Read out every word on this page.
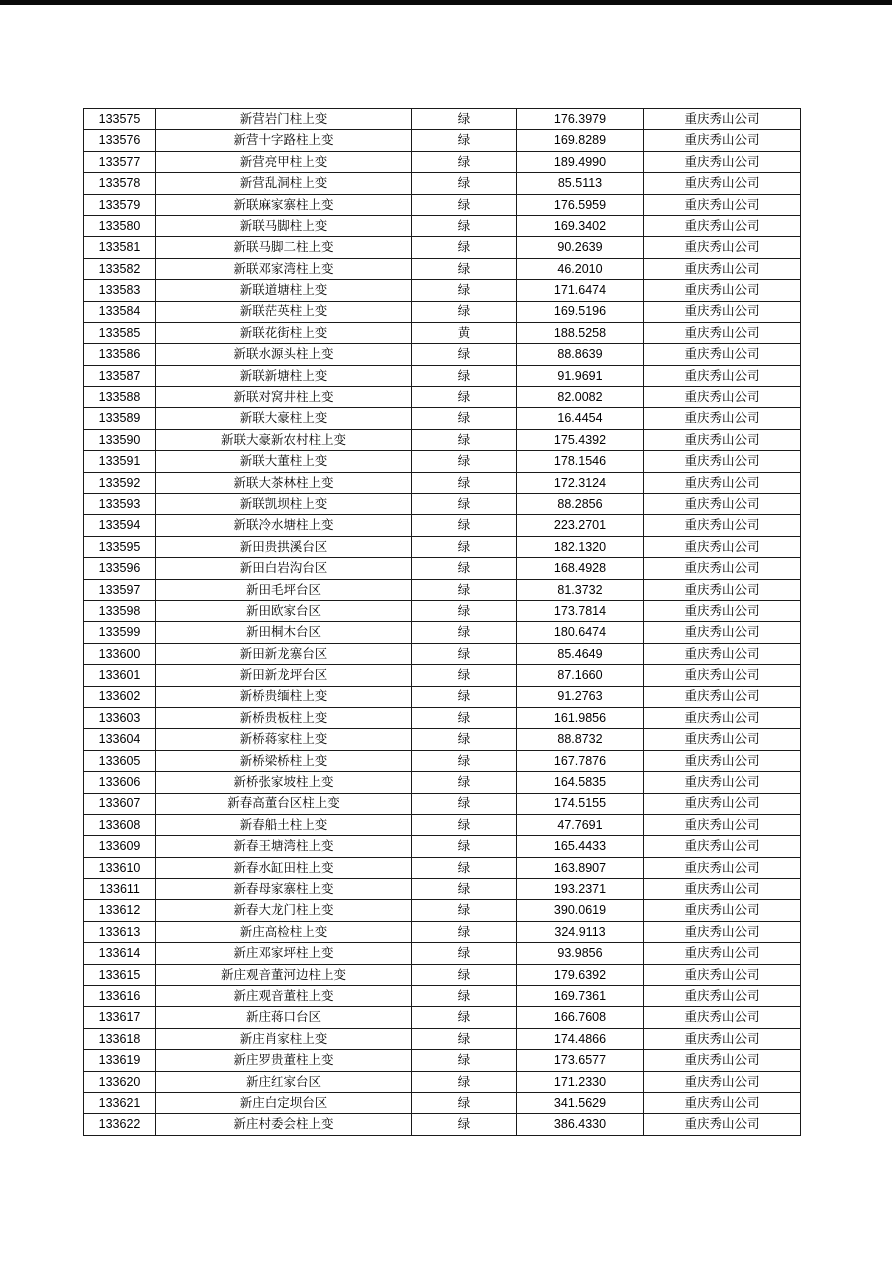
133575	新营岩门柱上变	绿	176.3979	重庆秀山公司
133576	新营十字路柱上变	绿	169.8289	重庆秀山公司
133577	新营亮甲柱上变	绿	189.4990	重庆秀山公司
133578	新营乱洞柱上变	绿	85.5113	重庆秀山公司
133579	新联麻家寨柱上变	绿	176.5959	重庆秀山公司
133580	新联马脚柱上变	绿	169.3402	重庆秀山公司
133581	新联马脚二柱上变	绿	90.2639	重庆秀山公司
133582	新联邓家湾柱上变	绿	46.2010	重庆秀山公司
133583	新联道塘柱上变	绿	171.6474	重庆秀山公司
133584	新联茫英柱上变	绿	169.5196	重庆秀山公司
133585	新联花街柱上变	黄	188.5258	重庆秀山公司
133586	新联水源头柱上变	绿	88.8639	重庆秀山公司
133587	新联新塘柱上变	绿	91.9691	重庆秀山公司
133588	新联对窝井柱上变	绿	82.0082	重庆秀山公司
133589	新联大豪柱上变	绿	16.4454	重庆秀山公司
133590	新联大豪新农村柱上变	绿	175.4392	重庆秀山公司
133591	新联大董柱上变	绿	178.1546	重庆秀山公司
133592	新联大茶林柱上变	绿	172.3124	重庆秀山公司
133593	新联凯坝柱上变	绿	88.2856	重庆秀山公司
133594	新联冷水塘柱上变	绿	223.2701	重庆秀山公司
133595	新田贵拱溪台区	绿	182.1320	重庆秀山公司
133596	新田白岩沟台区	绿	168.4928	重庆秀山公司
133597	新田毛坪台区	绿	81.3732	重庆秀山公司
133598	新田欧家台区	绿	173.7814	重庆秀山公司
133599	新田桐木台区	绿	180.6474	重庆秀山公司
133600	新田新龙寨台区	绿	85.4649	重庆秀山公司
133601	新田新龙坪台区	绿	87.1660	重庆秀山公司
133602	新桥贵缅柱上变	绿	91.2763	重庆秀山公司
133603	新桥贵板柱上变	绿	161.9856	重庆秀山公司
133604	新桥蒋家柱上变	绿	88.8732	重庆秀山公司
133605	新桥梁桥柱上变	绿	167.7876	重庆秀山公司
133606	新桥张家坡柱上变	绿	164.5835	重庆秀山公司
133607	新春高董台区柱上变	绿	174.5155	重庆秀山公司
133608	新春船土柱上变	绿	47.7691	重庆秀山公司
133609	新春王塘湾柱上变	绿	165.4433	重庆秀山公司
133610	新春水缸田柱上变	绿	163.8907	重庆秀山公司
133611	新春母家寨柱上变	绿	193.2371	重庆秀山公司
133612	新春大龙门柱上变	绿	390.0619	重庆秀山公司
133613	新庄高检柱上变	绿	324.9113	重庆秀山公司
133614	新庄邓家坪柱上变	绿	93.9856	重庆秀山公司
133615	新庄观音董河边柱上变	绿	179.6392	重庆秀山公司
133616	新庄观音董柱上变	绿	169.7361	重庆秀山公司
133617	新庄蒋口台区	绿	166.7608	重庆秀山公司
133618	新庄肖家柱上变	绿	174.4866	重庆秀山公司
133619	新庄罗贵董柱上变	绿	173.6577	重庆秀山公司
133620	新庄红家台区	绿	171.2330	重庆秀山公司
133621	新庄白定坝台区	绿	341.5629	重庆秀山公司
133622	新庄村委会柱上变	绿	386.4330	重庆秀山公司
